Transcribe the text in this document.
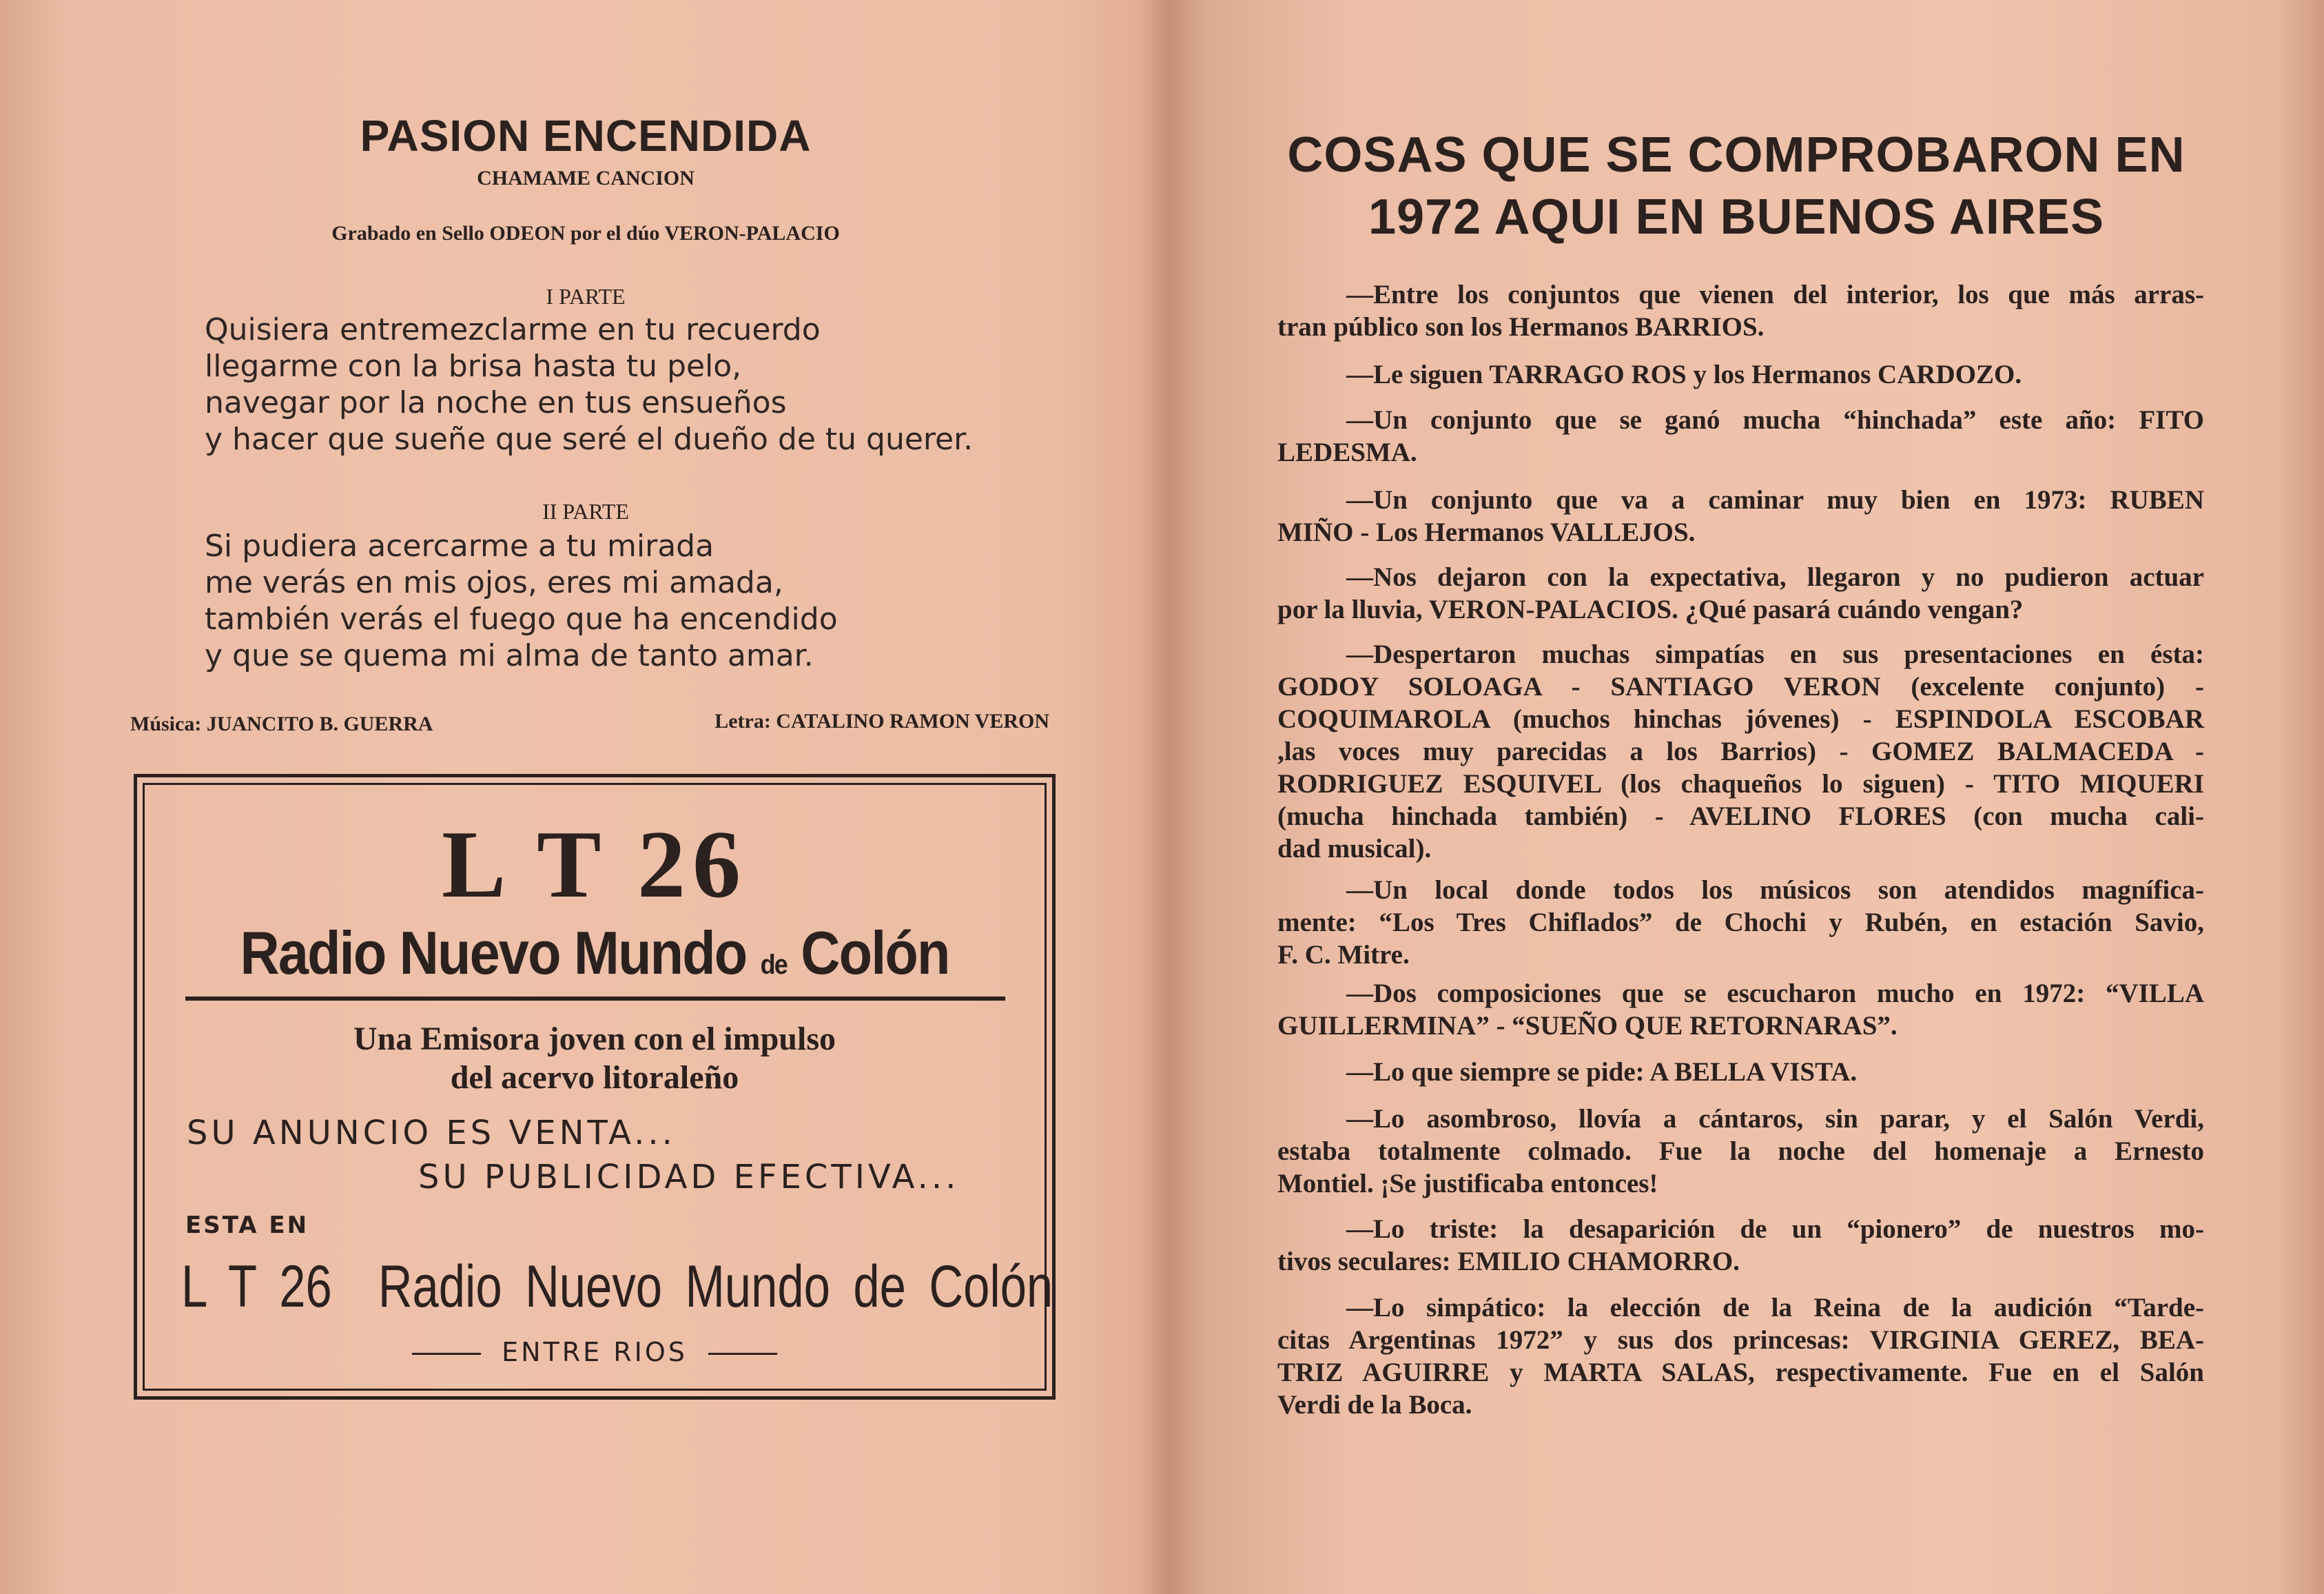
PASION ENCENDIDA
CHAMAME CANCION
Grabado en Sello ODEON por el dúo VERON-PALACIO
I PARTE
Quisiera entremezclarme en tu recuerdo
llegarme con la brisa hasta tu pelo,
navegar por la noche en tus ensueños
y hacer que sueñe que seré el dueño de tu querer.
II PARTE
Si pudiera acercarme a tu mirada
me verás en mis ojos, eres mi amada,
también verás el fuego que ha encendido
y que se quema mi alma de tanto amar.
Música: JUANCITO B. GUERRA	Letra: CATALINO RAMON VERON
L T 26
Radio Nuevo Mundo de Colón
Una Emisora joven con el impulso
del acervo litoraleño
SU ANUNCIO ES VENTA...
SU PUBLICIDAD EFECTIVA...
ESTA EN
L T 26  Radio Nuevo Mundo de Colón
ENTRE RIOS
COSAS QUE SE COMPROBARON EN
1972 AQUI EN BUENOS AIRES
—Entre los conjuntos que vienen del interior, los que más arras-
tran público son los Hermanos BARRIOS.
—Le siguen TARRAGO ROS y los Hermanos CARDOZO.
—Un conjunto que se ganó mucha “hinchada” este año: FITO
LEDESMA.
—Un conjunto que va a caminar muy bien en 1973: RUBEN
MIÑO - Los Hermanos VALLEJOS.
—Nos dejaron con la expectativa, llegaron y no pudieron actuar
por la lluvia, VERON-PALACIOS. ¿Qué pasará cuándo vengan?
—Despertaron muchas simpatías en sus presentaciones en ésta:
GODOY SOLOAGA - SANTIAGO VERON (excelente conjunto) -
COQUIMAROLA (muchos hinchas jóvenes) - ESPINDOLA ESCOBAR
,las voces muy parecidas a los Barrios) - GOMEZ BALMACEDA -
RODRIGUEZ ESQUIVEL (los chaqueños lo siguen) - TITO MIQUERI
(mucha hinchada también) - AVELINO FLORES (con mucha cali-
dad musical).
—Un local donde todos los músicos son atendidos magnífica-
mente: “Los Tres Chiflados” de Chochi y Rubén, en estación Savio,
F. C. Mitre.
—Dos composiciones que se escucharon mucho en 1972: “VILLA
GUILLERMINA” - “SUEÑO QUE RETORNARAS”.
—Lo que siempre se pide: A BELLA VISTA.
—Lo asombroso, llovía a cántaros, sin parar, y el Salón Verdi,
estaba totalmente colmado. Fue la noche del homenaje a Ernesto
Montiel. ¡Se justificaba entonces!
—Lo triste: la desaparición de un “pionero” de nuestros mo-
tivos seculares: EMILIO CHAMORRO.
—Lo simpático: la elección de la Reina de la audición “Tarde-
citas Argentinas 1972” y sus dos princesas: VIRGINIA GEREZ, BEA-
TRIZ AGUIRRE y MARTA SALAS, respectivamente. Fue en el Salón
Verdi de la Boca.
